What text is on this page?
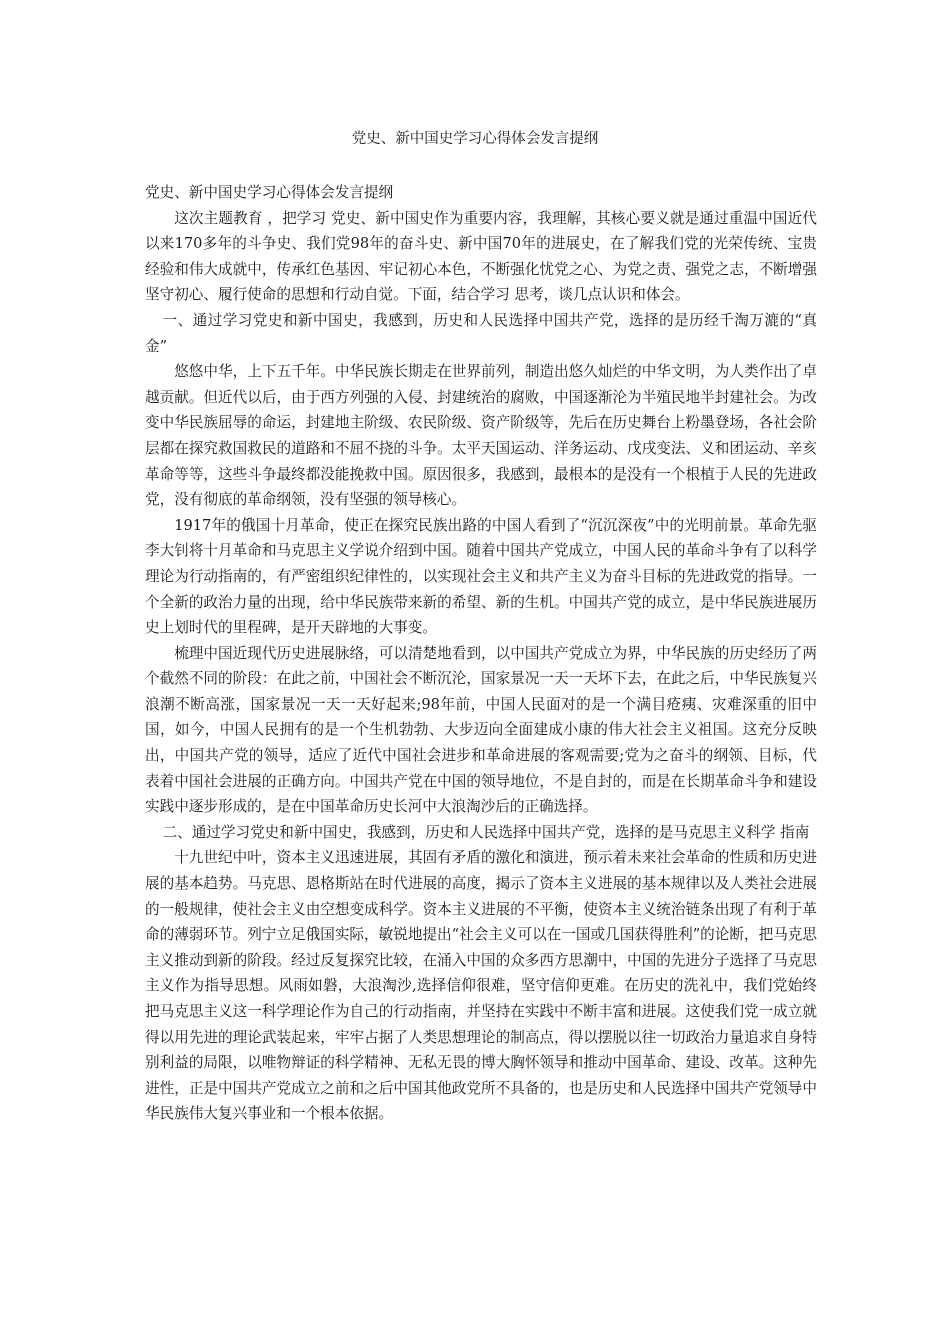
党史、新中国史学习心得体会发言提纲

党史、新中国史学习心得体会发言提纲

这次主题教育 ，把学习 党史、新中国史作为重要内容，我理解，其核心要义就是通过重温中国近代以来170多年的斗争史、我们党98年的奋斗史、新中国70年的进展史，在了解我们党的光荣传统、宝贵经验和伟大成就中，传承红色基因、牢记初心本色，不断强化忧党之心、为党之责、强党之志，不断增强坚守初心、履行使命的思想和行动自觉。下面，结合学习 思考，谈几点认识和体会。

一、通过学习党史和新中国史，我感到，历史和人民选择中国共产党，选择的是历经千淘万漉的“真金”

悠悠中华，上下五千年。中华民族长期走在世界前列，制造出悠久灿烂的中华文明，为人类作出了卓越贡献。但近代以后，由于西方列强的入侵、封建统治的腐败，中国逐渐沦为半殖民地半封建社会。为改变中华民族屈辱的命运，封建地主阶级、农民阶级、资产阶级等，先后在历史舞台上粉墨登场，各社会阶层都在探究救国救民的道路和不屈不挠的斗争。太平天国运动、洋务运动、戊戌变法、义和团运动、辛亥革命等等，这些斗争最终都没能挽救中国。原因很多，我感到，最根本的是没有一个根植于人民的先进政党，没有彻底的革命纲领，没有坚强的领导核心。

1917年的俄国十月革命，使正在探究民族出路的中国人看到了“沉沉深夜”中的光明前景。革命先驱李大钊将十月革命和马克思主义学说介绍到中国。随着中国共产党成立，中国人民的革命斗争有了以科学 理论为行动指南的，有严密组织纪律性的，以实现社会主义和共产主义为奋斗目标的先进政党的指导。一个全新的政治力量的出现，给中华民族带来新的希望、新的生机。中国共产党的成立，是中华民族进展历史上划时代的里程碑，是开天辟地的大事变。

梳理中国近现代历史进展脉络，可以清楚地看到，以中国共产党成立为界，中华民族的历史经历了两个截然不同的阶段：在此之前，中国社会不断沉沦，国家景况一天一天坏下去，在此之后，中华民族复兴浪潮不断高涨，国家景况一天一天好起来;98年前，中国人民面对的是一个满目疮痍、灾难深重的旧中国，如今，中国人民拥有的是一个生机勃勃、大步迈向全面建成小康的伟大社会主义祖国。这充分反映出，中国共产党的领导，适应了近代中国社会进步和革命进展的客观需要;党为之奋斗的纲领、目标，代表着中国社会进展的正确方向。中国共产党在中国的领导地位，不是自封的，而是在长期革命斗争和建设实践中逐步形成的，是在中国革命历史长河中大浪淘沙后的正确选择。

二、通过学习党史和新中国史，我感到，历史和人民选择中国共产党，选择的是马克思主义科学 指南

十九世纪中叶，资本主义迅速进展，其固有矛盾的激化和演进，预示着未来社会革命的性质和历史进展的基本趋势。马克思、恩格斯站在时代进展的高度，揭示了资本主义进展的基本规律以及人类社会进展的一般规律，使社会主义由空想变成科学。资本主义进展的不平衡，使资本主义统治链条出现了有利于革命的薄弱环节。列宁立足俄国实际，敏锐地提出“社会主义可以在一国或几国获得胜利”的论断，把马克思主义推动到新的阶段。经过反复探究比较，在涌入中国的众多西方思潮中，中国的先进分子选择了马克思主义作为指导思想。风雨如磐，大浪淘沙,选择信仰很难，坚守信仰更难。在历史的洗礼中，我们党始终把马克思主义这一科学理论作为自己的行动指南，并坚持在实践中不断丰富和进展。这使我们党一成立就得以用先进的理论武装起来，牢牢占据了人类思想理论的制高点，得以摆脱以往一切政治力量追求自身特别利益的局限，以唯物辩证的科学精神、无私无畏的博大胸怀领导和推动中国革命、建设、改革。这种先进性，正是中国共产党成立之前和之后中国其他政党所不具备的，也是历史和人民选择中国共产党领导中华民族伟大复兴事业和一个根本依据。
